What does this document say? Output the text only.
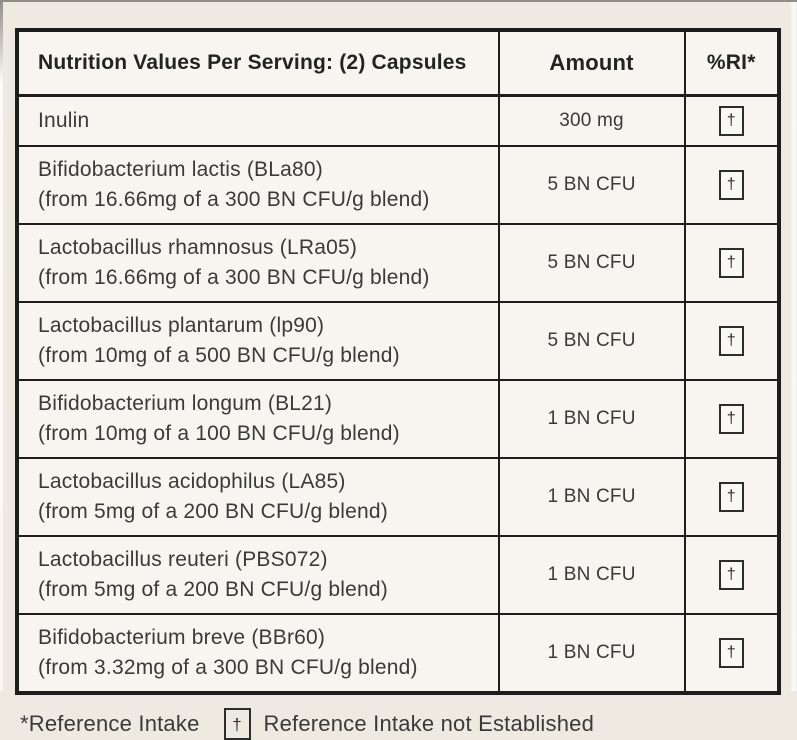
Nutrition Values Per Serving: (2) Capsules	Amount	%RI*

Inulin	300 mg	†

Bifidobacterium lactis (BLa80)
(from 16.66mg of a 300 BN CFU/g blend)	5 BN CFU	†

Lactobacillus rhamnosus (LRa05)
(from 16.66mg of a 300 BN CFU/g blend)	5 BN CFU	†

Lactobacillus plantarum (lp90)
(from 10mg of a 500 BN CFU/g blend)	5 BN CFU	†

Bifidobacterium longum (BL21)
(from 10mg of a 100 BN CFU/g blend)	1 BN CFU	†

Lactobacillus acidophilus (LA85)
(from 5mg of a 200 BN CFU/g blend)	1 BN CFU	†

Lactobacillus reuteri (PBS072)
(from 5mg of a 200 BN CFU/g blend)	1 BN CFU	†

Bifidobacterium breve (BBr60)
(from 3.32mg of a 300 BN CFU/g blend)	1 BN CFU	†
*Reference Intake † Reference Intake not Established
